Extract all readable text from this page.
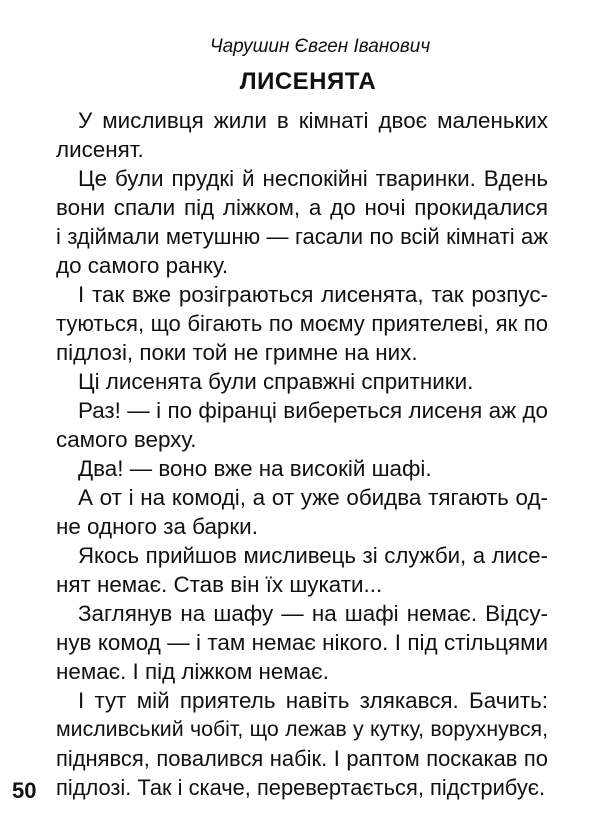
Чарушин Євген Іванович
ЛИСЕНЯТА

У мисливця жили в кімнаті двоє маленьких
лисенят.

Це були прудкі й неспокійні тваринки. Вдень
вони спали під ліжком, а до ночі прокидалися
і здіймали метушню — гасали по всій кімнаті аж
до самого ранку.

І так вже розіграються лисенята, так розпус-
туються, що бігають по моєму приятелеві, як по
підлозі, поки той не гримне на них.

Ці лисенята були справжні спритники.

Раз! — і по фіранці вибереться лисеня аж до
самого верху.

Два! — воно вже на високій шафі.

А от і на комоді, а от уже обидва тягають од-
не одного за барки.

Якось прийшов мисливець зі служби, а лисе-
нят немає. Став він їх шукати...

Заглянув на шафу — на шафі немає. Відсу-
нув комод — і там немає нікого. І під стільцями
немає. І під ліжком немає.

І тут мій приятель навіть злякався. Бачить:
мисливський чобіт, що лежав у кутку, ворухнувся,
піднявся, повалився набік. І раптом поскакав по
підлозі. Так і скаче, перевертається, підстрибує.

50
